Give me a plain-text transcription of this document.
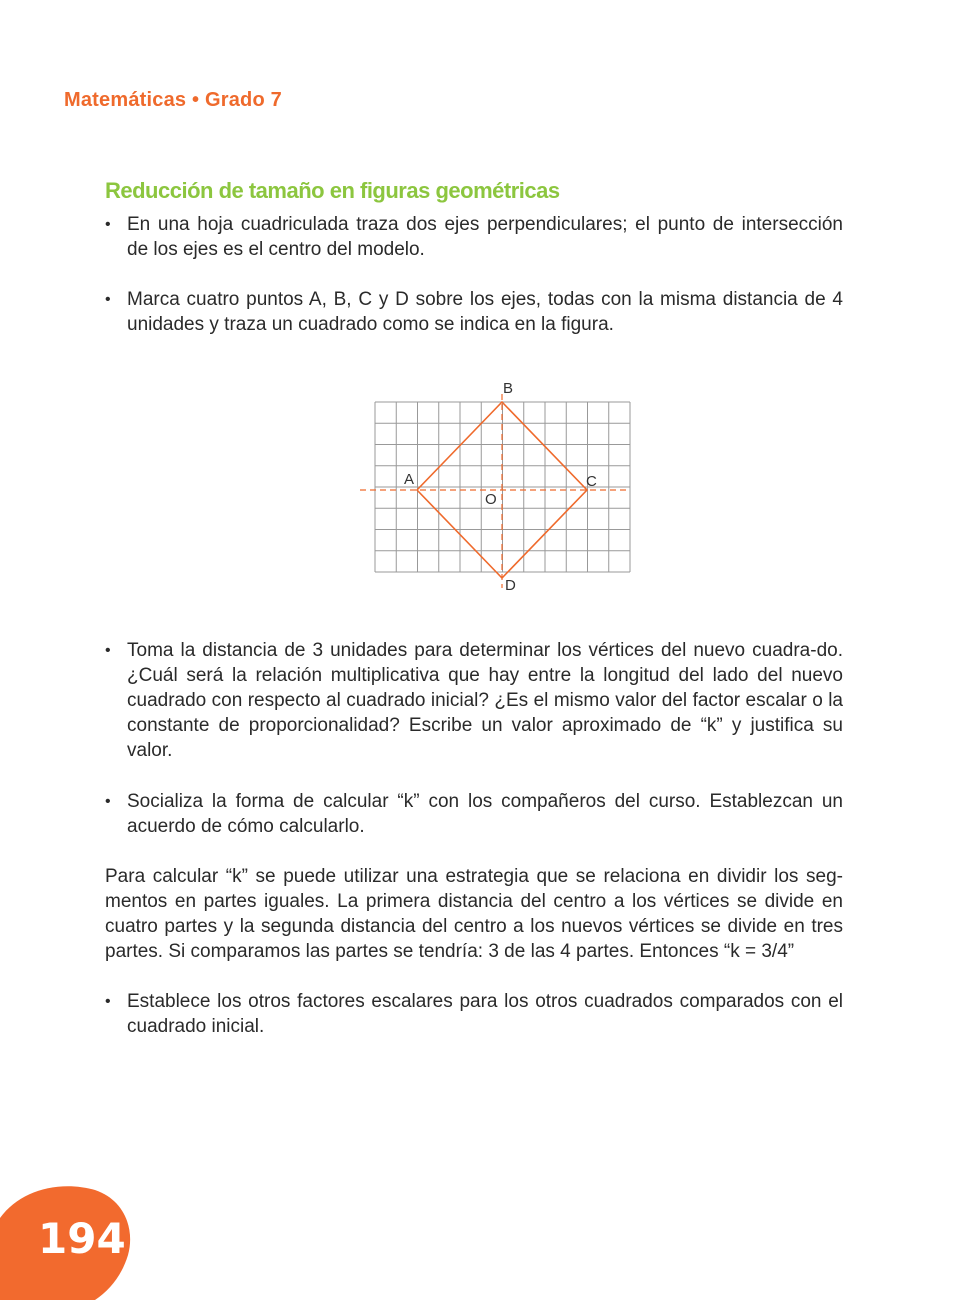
Matemáticas • Grado 7
Reducción de tamaño en figuras geométricas
• En una hoja cuadriculada traza dos ejes perpendiculares; el punto de intersección de los ejes es el centro del modelo.
• Marca cuatro puntos A, B, C y D sobre los ejes, todas con la misma distancia de 4 unidades y traza un cuadrado como se indica en la figura.
B
A	C
D
O
• Toma la distancia de 3 unidades para determinar los vértices del nuevo cuadra-do. ¿Cuál será la relación multiplicativa que hay entre la longitud del lado del nuevo cuadrado con respecto al cuadrado inicial? ¿Es el mismo valor del factor escalar o la constante de proporcionalidad? Escribe un valor aproximado de “k” y justifica su valor.
• Socializa la forma de calcular “k” con los compañeros del curso. Establezcan un acuerdo de cómo calcularlo.
Para calcular “k” se puede utilizar una estrategia que se relaciona en dividir los seg-mentos en partes iguales. La primera distancia del centro a los vértices se divide en cuatro partes y la segunda distancia del centro a los nuevos vértices se divide en tres partes. Si comparamos las partes se tendría: 3 de las 4 partes. Entonces “k = 3/4”
• Establece los otros factores escalares para los otros cuadrados comparados con el cuadrado inicial.
194
